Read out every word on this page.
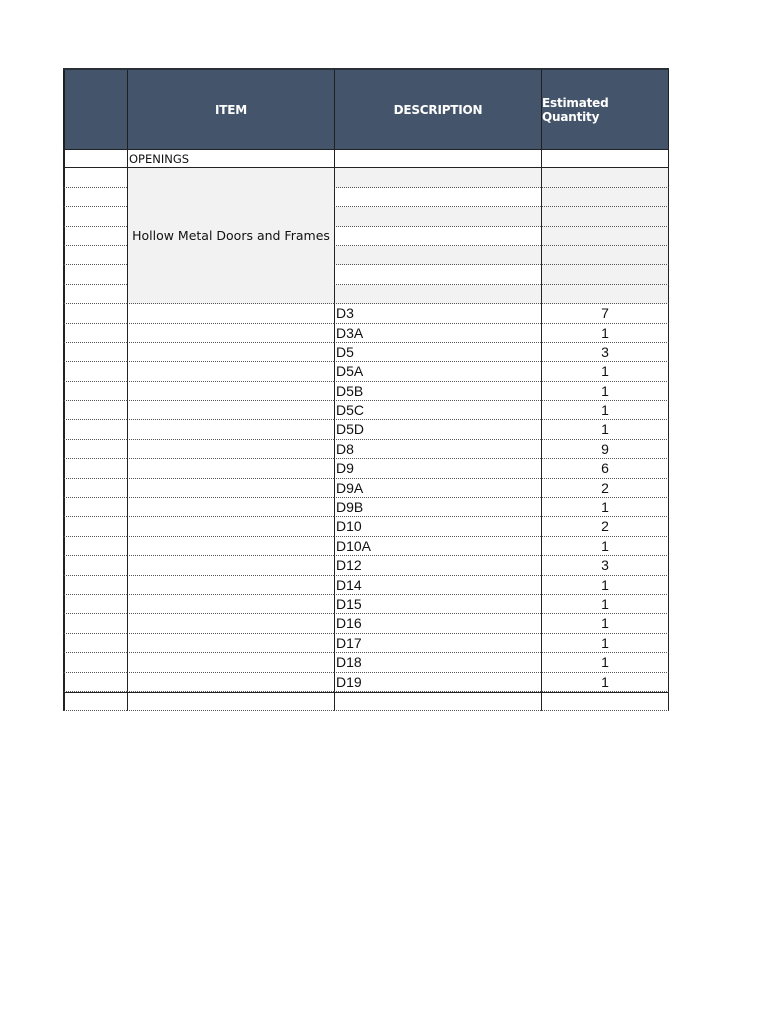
ITEM	DESCRIPTION	Estimated Quantity
OPENINGS
Hollow Metal Doors and Frames
D3	7
D3A	1
D5	3
D5A	1
D5B	1
D5C	1
D5D	1
D8	9
D9	6
D9A	2
D9B	1
D10	2
D10A	1
D12	3
D14	1
D15	1
D16	1
D17	1
D18	1
D19	1
